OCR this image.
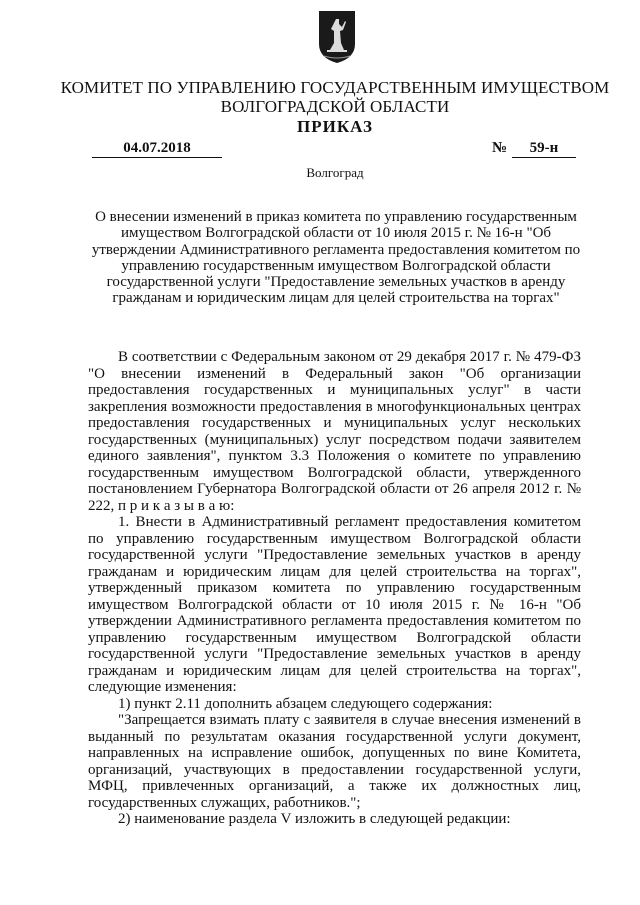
КОМИТЕТ ПО УПРАВЛЕНИЮ ГОСУДАРСТВЕННЫМ ИМУЩЕСТВОМ
ВОЛГОГРАДСКОЙ ОБЛАСТИ
ПРИКАЗ
04.07.2018	№	59-н
Волгоград
О внесении изменений в приказ комитета по управлению государственным имуществом Волгоградской области от 10 июля 2015 г. № 16-н "Об утверждении Административного регламента предоставления комитетом по управлению государственным имуществом Волгоградской области государственной услуги "Предоставление земельных участков в аренду гражданам и юридическим лицам для целей строительства на торгах"

В соответствии с Федеральным законом от 29 декабря 2017 г. № 479-ФЗ "О внесении изменений в Федеральный закон "Об организации предоставления государственных и муниципальных услуг" в части закрепления возможности предоставления в многофункциональных центрах предоставления государственных и муниципальных услуг нескольких государственных (муниципальных) услуг посредством подачи заявителем единого заявления", пунктом 3.3 Положения о комитете по управлению государственным имуществом Волгоградской области, утвержденного постановлением Губернатора Волгоградской области от 26 апреля 2012 г. № 222, п р и к а з ы в а ю:

1. Внести в Административный регламент предоставления комитетом по управлению государственным имуществом Волгоградской области государственной услуги "Предоставление земельных участков в аренду гражданам и юридическим лицам для целей строительства на торгах", утвержденный приказом комитета по управлению государственным имуществом Волгоградской области от 10 июля 2015 г. № 16-н "Об утверждении Административного регламента предоставления комитетом по управлению государственным имуществом Волгоградской области государственной услуги "Предоставление земельных участков в аренду гражданам и юридическим лицам для целей строительства на торгах", следующие изменения:

1) пункт 2.11 дополнить абзацем следующего содержания:

"Запрещается взимать плату с заявителя в случае внесения изменений в выданный по результатам оказания государственной услуги документ, направленных на исправление ошибок, допущенных по вине Комитета, организаций, участвующих в предоставлении государственной услуги, МФЦ, привлеченных организаций, а также их должностных лиц, государственных служащих, работников.";

2) наименование раздела V изложить в следующей редакции:
